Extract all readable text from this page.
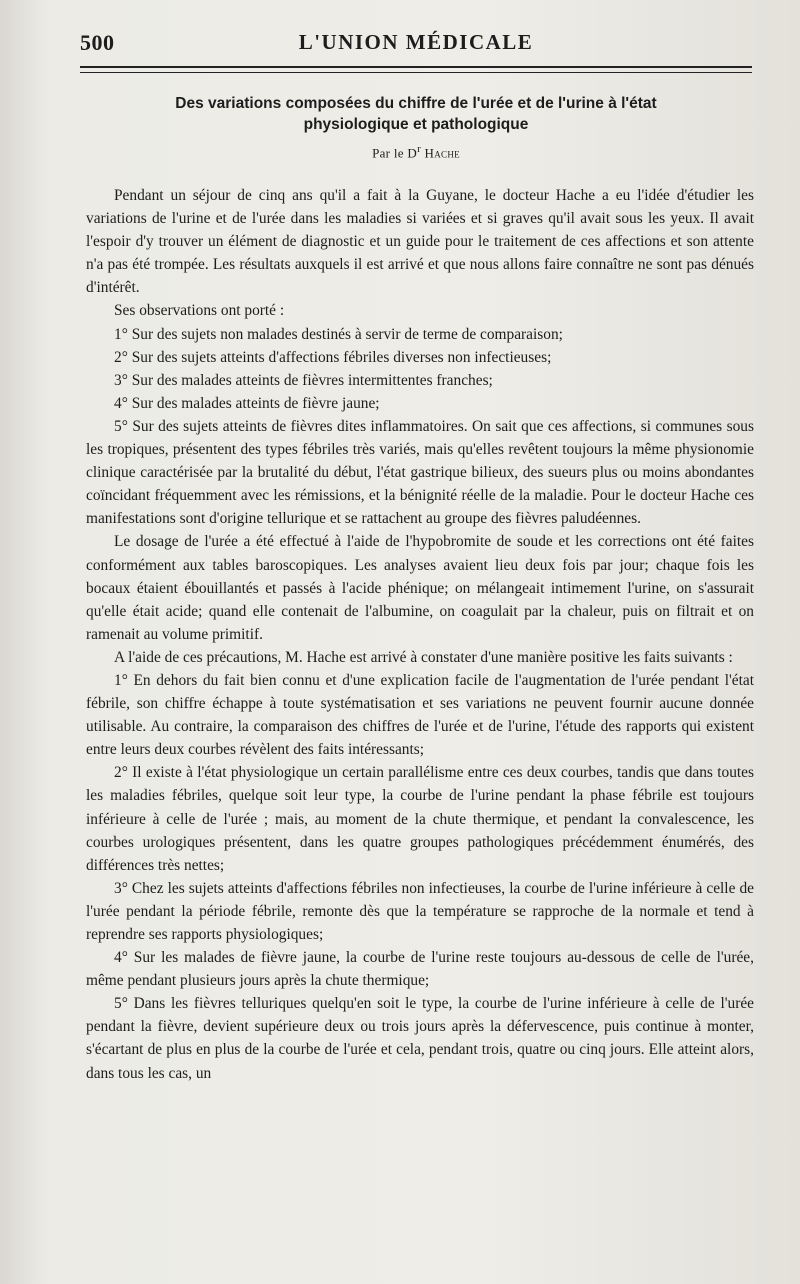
500	L'UNION MÉDICALE
Des variations composées du chiffre de l'urée et de l'urine à l'état
physiologique et pathologique
Par le $D^r$ Hache

Pendant un séjour de cinq ans qu'il a fait à la Guyane, le docteur Hache a eu l'idée d'étudier les variations de l'urine et de l'urée dans les maladies si variées et si graves qu'il avait sous les yeux. Il avait l'espoir d'y trouver un élément de diagnostic et un guide pour le traitement de ces affections et son attente n'a pas été trompée. Les résultats auxquels il est arrivé et que nous allons faire connaître ne sont pas dénués d'intérêt.

Ses observations ont porté :

1° Sur des sujets non malades destinés à servir de terme de comparaison;

2° Sur des sujets atteints d'affections fébriles diverses non infectieuses;

3° Sur des malades atteints de fièvres intermittentes franches;

4° Sur des malades atteints de fièvre jaune;

5° Sur des sujets atteints de fièvres dites inflammatoires. On sait que ces affections, si communes sous les tropiques, présentent des types fébriles très variés, mais qu'elles revêtent toujours la même physionomie clinique caractérisée par la brutalité du début, l'état gastrique bilieux, des sueurs plus ou moins abondantes coïncidant fréquemment avec les rémissions, et la bénignité réelle de la maladie. Pour le docteur Hache ces manifestations sont d'origine tellurique et se rattachent au groupe des fièvres paludéennes.

Le dosage de l'urée a été effectué à l'aide de l'hypobromite de soude et les corrections ont été faites conformément aux tables baroscopiques. Les analyses avaient lieu deux fois par jour; chaque fois les bocaux étaient ébouillantés et passés à l'acide phénique; on mélangeait intimement l'urine, on s'assurait qu'elle était acide; quand elle contenait de l'albumine, on coagulait par la chaleur, puis on filtrait et on ramenait au volume primitif.

A l'aide de ces précautions, M. Hache est arrivé à constater d'une manière positive les faits suivants :

1° En dehors du fait bien connu et d'une explication facile de l'augmentation de l'urée pendant l'état fébrile, son chiffre échappe à toute systématisation et ses variations ne peuvent fournir aucune donnée utilisable. Au contraire, la comparaison des chiffres de l'urée et de l'urine, l'étude des rapports qui existent entre leurs deux courbes révèlent des faits intéressants;

2° Il existe à l'état physiologique un certain parallélisme entre ces deux courbes, tandis que dans toutes les maladies fébriles, quelque soit leur type, la courbe de l'urine pendant la phase fébrile est toujours inférieure à celle de l'urée ; mais, au moment de la chute thermique, et pendant la convalescence, les courbes urologiques présentent, dans les quatre groupes pathologiques précédemment énumérés, des différences très nettes;

3° Chez les sujets atteints d'affections fébriles non infectieuses, la courbe de l'urine inférieure à celle de l'urée pendant la période fébrile, remonte dès que la température se rapproche de la normale et tend à reprendre ses rapports physiologiques;

4° Sur les malades de fièvre jaune, la courbe de l'urine reste toujours au-dessous de celle de l'urée, même pendant plusieurs jours après la chute thermique;

5° Dans les fièvres telluriques quelqu'en soit le type, la courbe de l'urine inférieure à celle de l'urée pendant la fièvre, devient supérieure deux ou trois jours après la défervescence, puis continue à monter, s'écartant de plus en plus de la courbe de l'urée et cela, pendant trois, quatre ou cinq jours. Elle atteint alors, dans tous les cas, un
